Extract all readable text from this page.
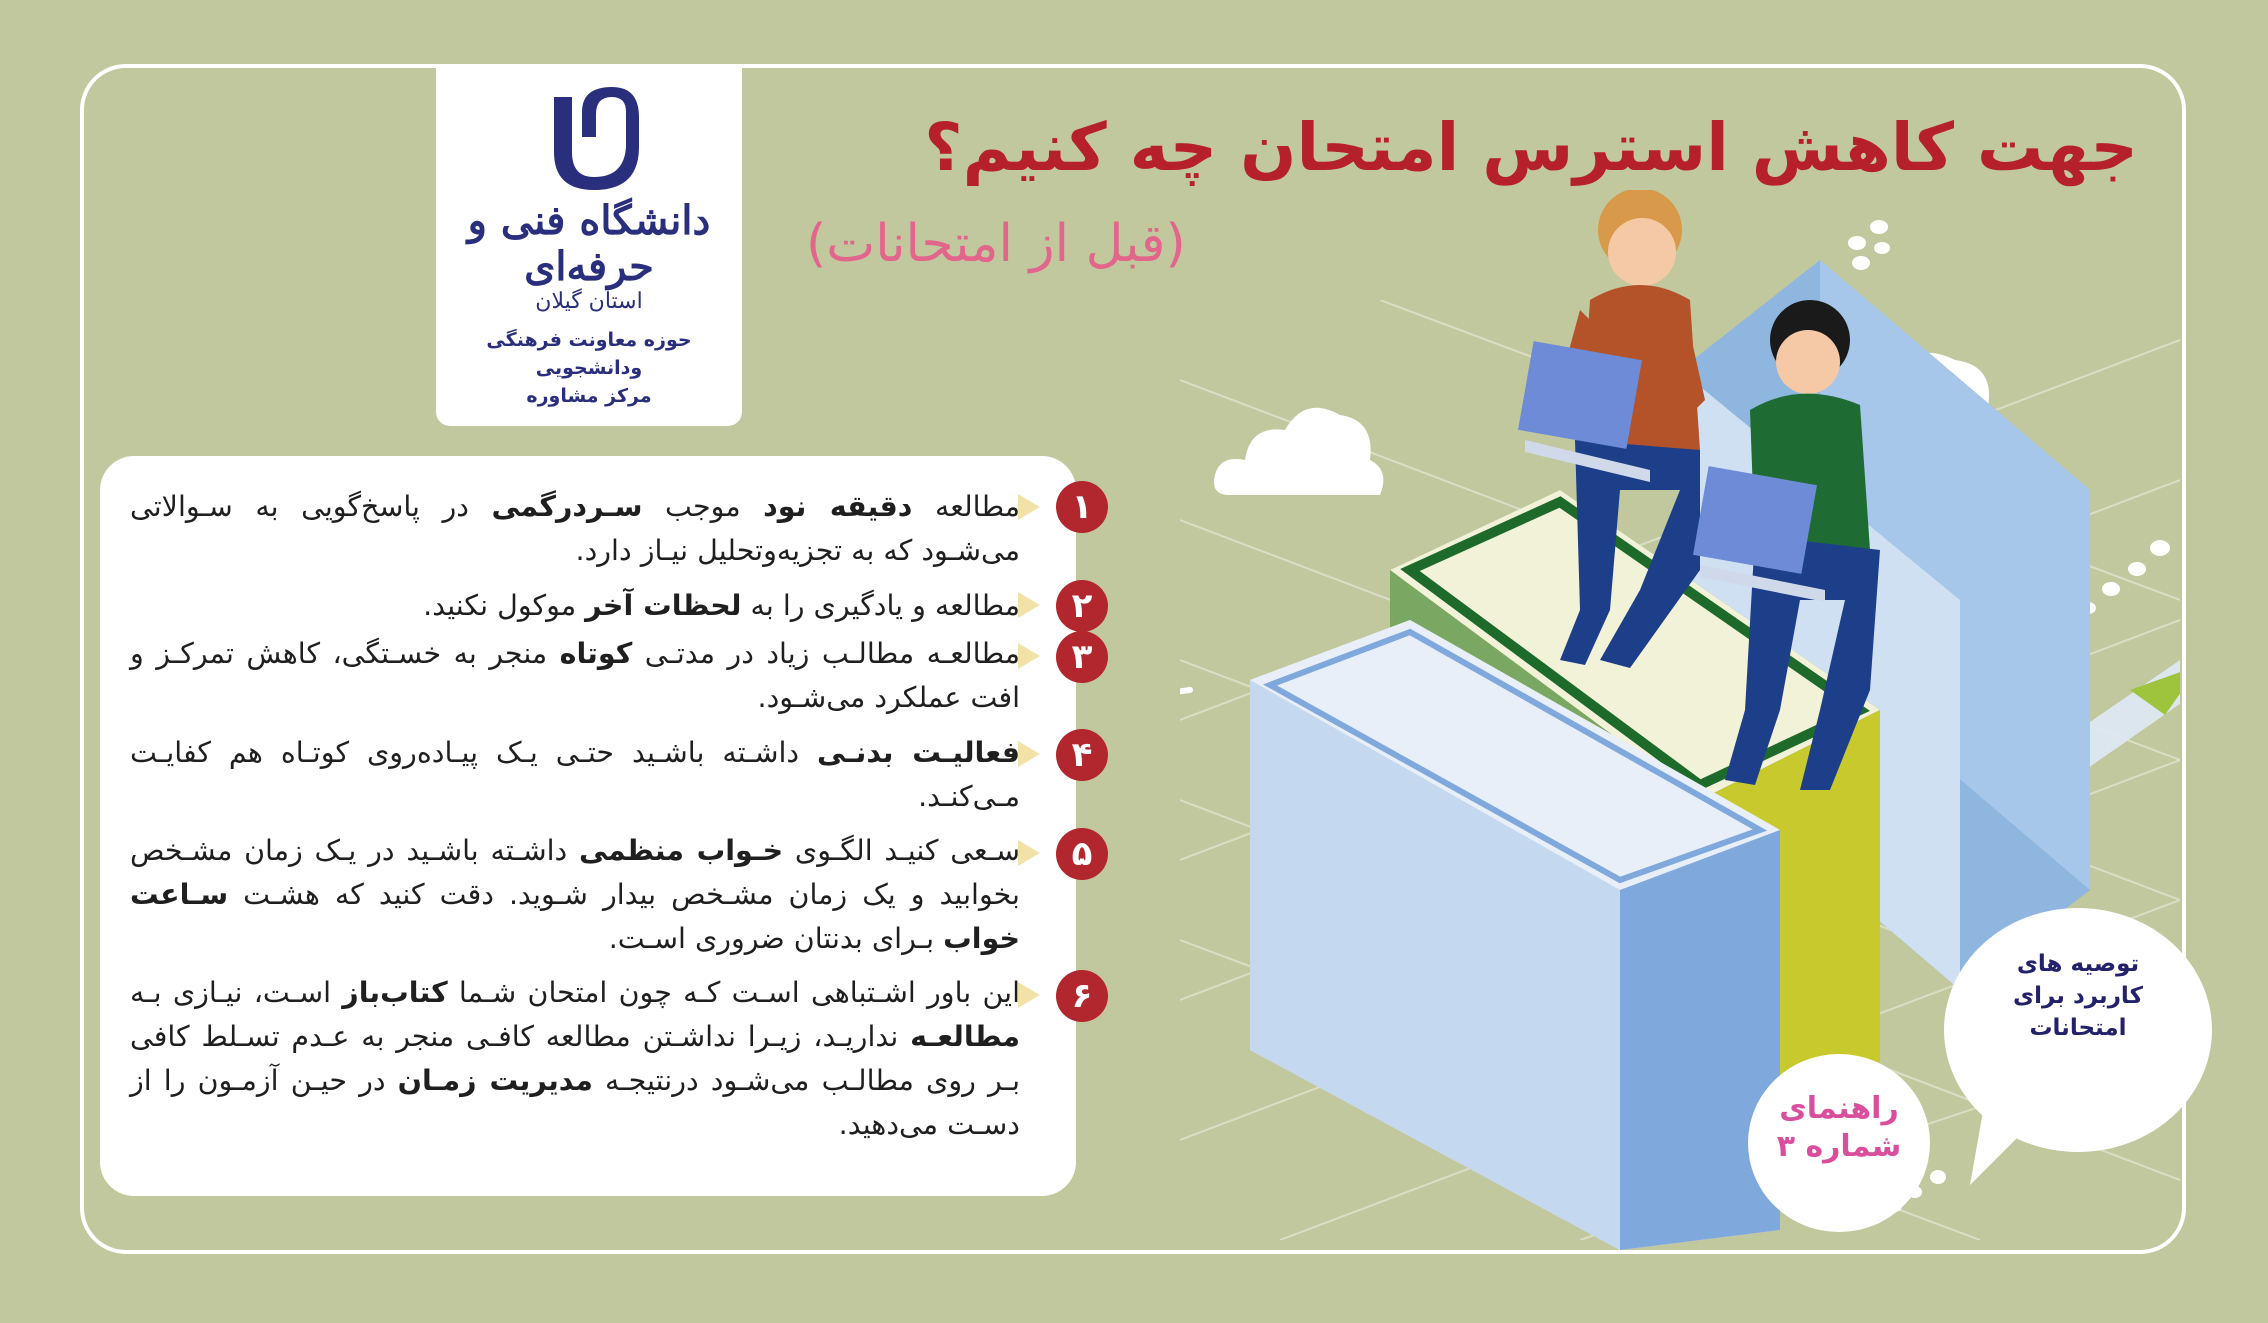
دانشگاه فنی و حرفه‌ای
استان گیلان
حوزه معاونت فرهنگی ودانشجویی
مرکز مشاوره
جهت کاهش استرس امتحان چه کنیم؟
(قبل از امتحانات)
۱
مطالعه دقیقه نود موجب سـردرگمی در پاسخ‌گویی به سـوالاتی می‌شـود که به تجزیه‌وتحلیل نیـاز دارد.
۲
مطالعه و یادگیری را به لحظات آخر موکول نکنید.
۳
مطالعـه مطالـب زیاد در مدتـی کوتاه منجر به خسـتگی، کاهش تمرکـز و افت عملکرد می‌شـود.
۴
فعالیـت بدنـی داشـته باشـید حتـی یـک پیـاده‌روی کوتـاه هم کفایـت مـی‌کنـد.
۵
سـعی کنیـد الگـوی خـواب منظمی داشـته باشـید در یـک زمان مشـخص بخوابید و یک زمان مشـخص بیدار شـوید. دقت کنید که هشـت سـاعت خواب بـرای بدنتان ضروری اسـت.
۶
این باور اشـتباهی اسـت کـه چون امتحان شـما کتاب‌باز اسـت، نیـازی بـه مطالعـه نداریـد، زیـرا نداشـتن مطالعه کافـی منجر به عـدم تسـلط کافی بـر روی مطالـب می‌شـود درنتیجـه مدیریت زمـان در حیـن آزمـون را از دسـت می‌دهید.
توصیه های
کاربرد برای
امتحانات
راهنمای
شماره ۳
